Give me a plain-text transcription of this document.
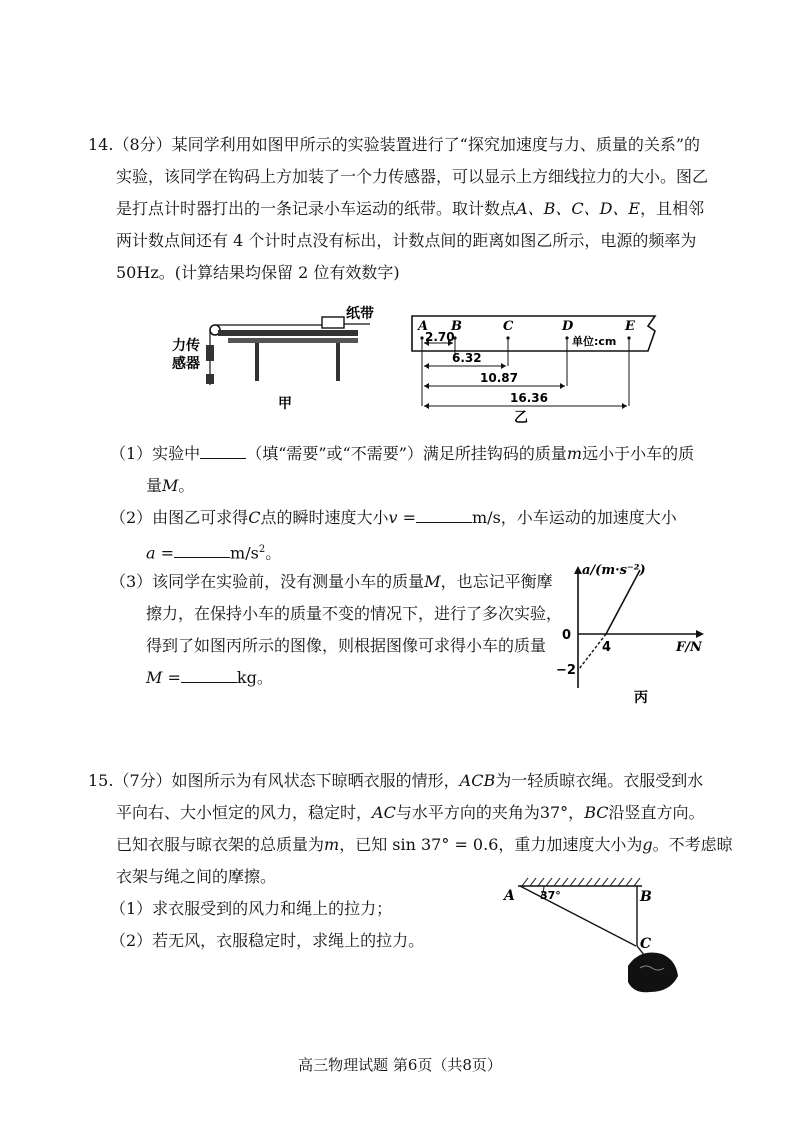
14.（8分）某同学利用如图甲所示的实验装置进行了“探究加速度与力、质量的关系”的
实验，该同学在钩码上方加装了一个力传感器，可以显示上方细线拉力的大小。图乙
是打点计时器打出的一条记录小车运动的纸带。取计数点A、B、C、D、E，且相邻
两计数点间还有 4 个计时点没有标出，计数点间的距离如图乙所示，电源的频率为
50Hz。(计算结果均保留 2 位有效数字)
纸带
力传
感器
甲
A B	C	D	E
单位:cm
2.70
6.32
10.87
16.36
乙
（1）实验中	（填“需要”或“不需要”）满足所挂钩码的质量m远小于小车的质
量M。
（2）由图乙可求得C点的瞬时速度大小v =	m/s，小车运动的加速度大小
a =	$m/s^2$。
（3）该同学在实验前，没有测量小车的质量M，也忘记平衡摩
擦力，在保持小车的质量不变的情况下，进行了多次实验，
得到了如图丙所示的图像，则根据图像可求得小车的质量
M =	kg。
a/(m·s⁻²)
F/N
0
4
−2
丙
15.（7分）如图所示为有风状态下晾晒衣服的情形，ACB为一轻质晾衣绳。衣服受到水
平向右、大小恒定的风力，稳定时，AC与水平方向的夹角为37°，BC沿竖直方向。
已知衣服与晾衣架的总质量为m，已知 sin 37° = 0.6，重力加速度大小为g。不考虑晾
衣架与绳之间的摩擦。
（1）求衣服受到的风力和绳上的拉力；
（2）若无风，衣服稳定时，求绳上的拉力。
A	B
C
37°
高三物理试题 第6页（共8页）
